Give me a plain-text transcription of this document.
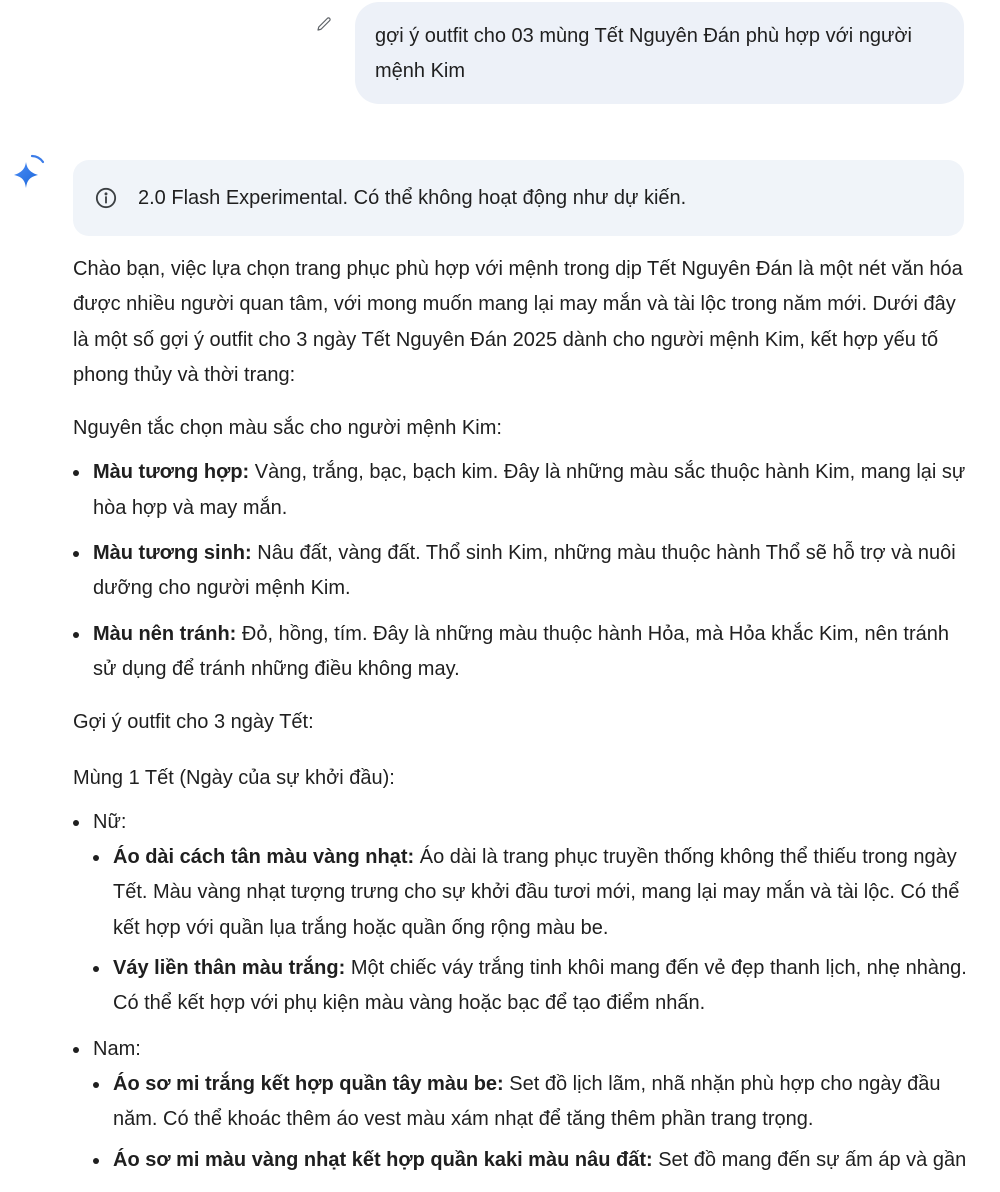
gợi ý outfit cho 03 mùng Tết Nguyên Đán phù hợp với người mệnh Kim
2.0 Flash Experimental. Có thể không hoạt động như dự kiến.

Chào bạn, việc lựa chọn trang phục phù hợp với mệnh trong dịp Tết Nguyên Đán là một nét văn hóa được nhiều người quan tâm, với mong muốn mang lại may mắn và tài lộc trong năm mới. Dưới đây là một số gợi ý outfit cho 3 ngày Tết Nguyên Đán 2025 dành cho người mệnh Kim, kết hợp yếu tố phong thủy và thời trang:

Nguyên tắc chọn màu sắc cho người mệnh Kim:

Màu tương hợp: Vàng, trắng, bạc, bạch kim. Đây là những màu sắc thuộc hành Kim, mang lại sự hòa hợp và may mắn.
Màu tương sinh: Nâu đất, vàng đất. Thổ sinh Kim, những màu thuộc hành Thổ sẽ hỗ trợ và nuôi dưỡng cho người mệnh Kim.
Màu nên tránh: Đỏ, hồng, tím. Đây là những màu thuộc hành Hỏa, mà Hỏa khắc Kim, nên tránh sử dụng để tránh những điều không may.

Gợi ý outfit cho 3 ngày Tết:

Mùng 1 Tết (Ngày của sự khởi đầu):

Nữ:
Áo dài cách tân màu vàng nhạt: Áo dài là trang phục truyền thống không thể thiếu trong ngày Tết. Màu vàng nhạt tượng trưng cho sự khởi đầu tươi mới, mang lại may mắn và tài lộc. Có thể kết hợp với quần lụa trắng hoặc quần ống rộng màu be.
Váy liền thân màu trắng: Một chiếc váy trắng tinh khôi mang đến vẻ đẹp thanh lịch, nhẹ nhàng. Có thể kết hợp với phụ kiện màu vàng hoặc bạc để tạo điểm nhấn.
Nam:
Áo sơ mi trắng kết hợp quần tây màu be: Set đồ lịch lãm, nhã nhặn phù hợp cho ngày đầu năm. Có thể khoác thêm áo vest màu xám nhạt để tăng thêm phần trang trọng.
Áo sơ mi màu vàng nhạt kết hợp quần kaki màu nâu đất: Set đồ mang đến sự ấm áp và gần
